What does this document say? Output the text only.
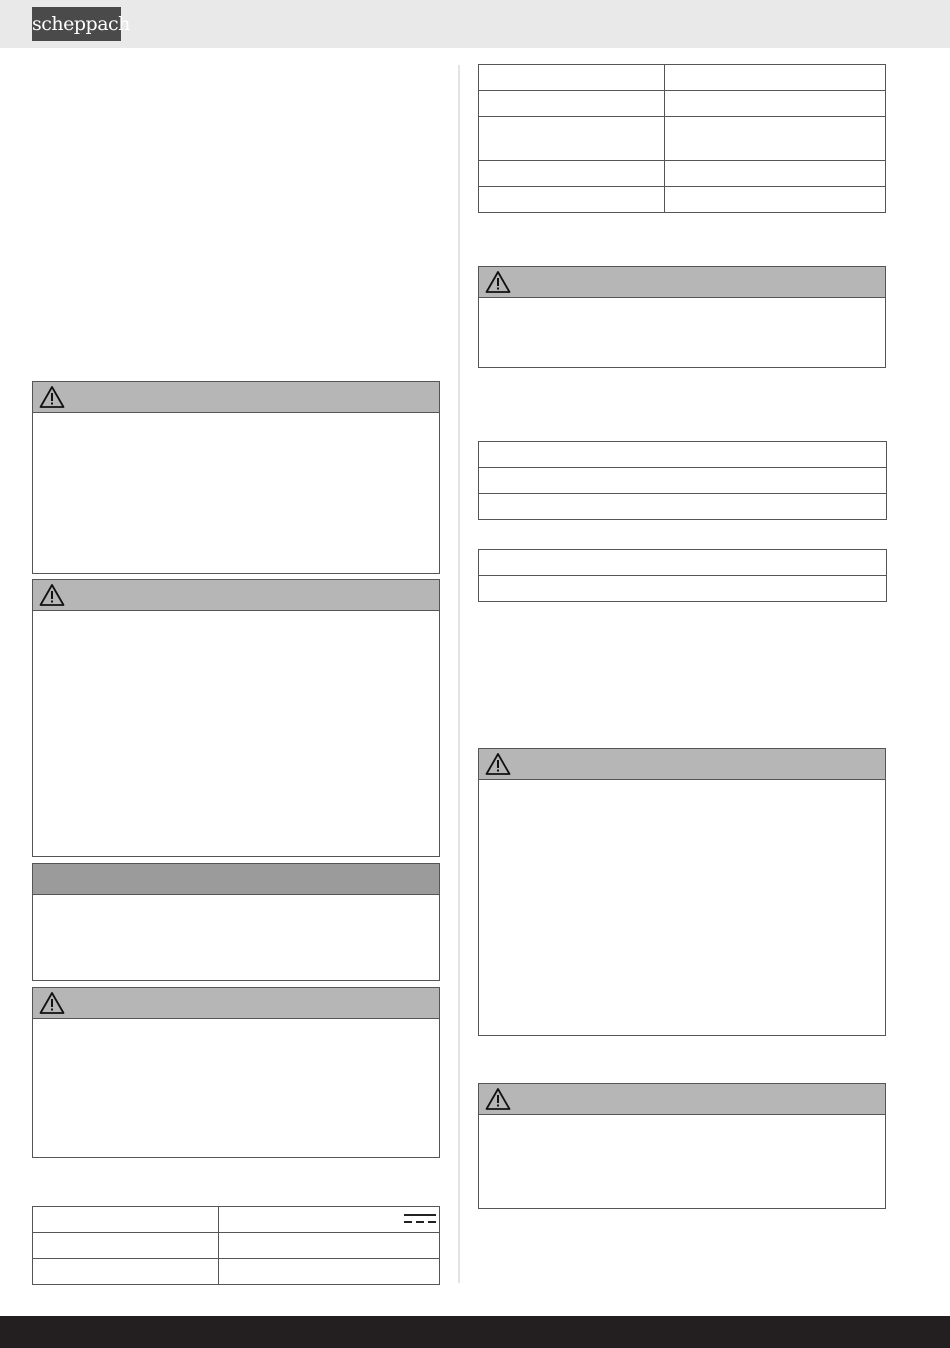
scheppach
